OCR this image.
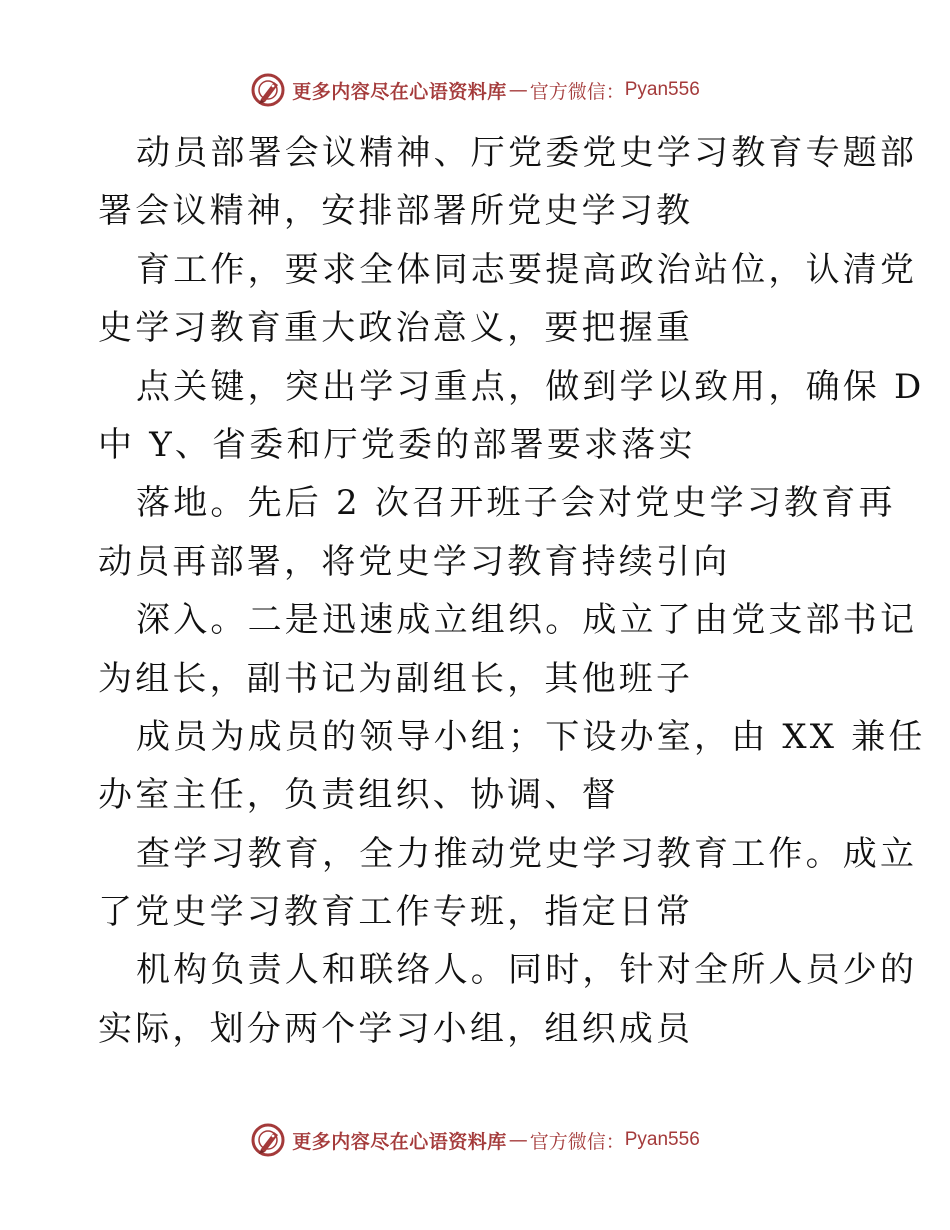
更多内容尽在心语资料库 — 官方微信： Pyan556
动员部署会议精神、厅党委党史学习教育专题部
署会议精神，安排部署所党史学习教
育工作，要求全体同志要提高政治站位，认清党
史学习教育重大政治意义，要把握重
点关键，突出学习重点，做到学以致用，确保 D
中 Y、省委和厅党委的部署要求落实
落地。先后 2 次召开班子会对党史学习教育再
动员再部署，将党史学习教育持续引向
深入。二是迅速成立组织。成立了由党支部书记
为组长，副书记为副组长，其他班子
成员为成员的领导小组；下设办室，由 XX 兼任
办室主任，负责组织、协调、督
查学习教育，全力推动党史学习教育工作。成立
了党史学习教育工作专班，指定日常
机构负责人和联络人。同时，针对全所人员少的
实际，划分两个学习小组，组织成员
更多内容尽在心语资料库 — 官方微信： Pyan556
